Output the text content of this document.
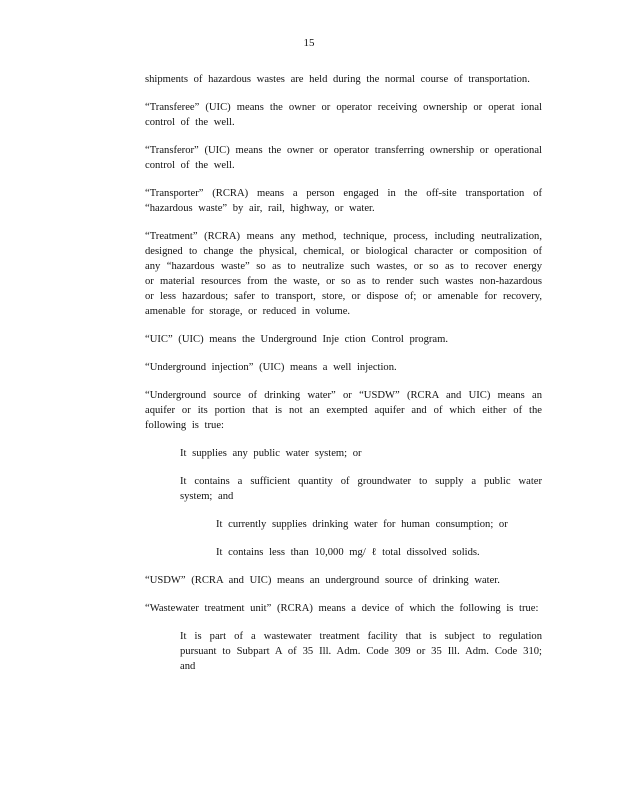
15

shipments of hazardous wastes are held during the normal course of transportation.

“Transferee” (UIC) means the owner or operator receiving ownership or operat ional control of the well.

“Transferor” (UIC) means the owner or operator transferring ownership or operational control of the well.

“Transporter” (RCRA) means a person engaged in the off-site transportation of “hazardous waste” by air, rail, highway, or water.

“Treatment” (RCRA) means any method, technique, process, including neutralization, designed to change the physical, chemical, or biological character or composition of any “hazardous waste” so as to neutralize such wastes, or so as to recover energy or material resources from the waste, or so as to render such wastes non-hazardous or less hazardous; safer to transport, store, or dispose of; or amenable for recovery, amenable for storage, or reduced in volume.

“UIC” (UIC) means the Underground Inje ction Control program.

“Underground injection” (UIC) means a well injection.

“Underground source of drinking water” or “USDW” (RCRA and UIC) means an aquifer or its portion that is not an exempted aquifer and of which either of the following is true:

It supplies any public water system; or

It contains a sufficient quantity of groundwater to supply a public water system; and

It currently supplies drinking water for human consumption; or

It contains less than 10,000 mg/ ℓ total dissolved solids.

“USDW” (RCRA and UIC) means an underground source of drinking water.

“Wastewater treatment unit” (RCRA) means a device of which the following is true:

It is part of a wastewater treatment facility that is subject to regulation pursuant to Subpart A of 35 Ill. Adm. Code 309 or 35 Ill. Adm. Code 310; and
